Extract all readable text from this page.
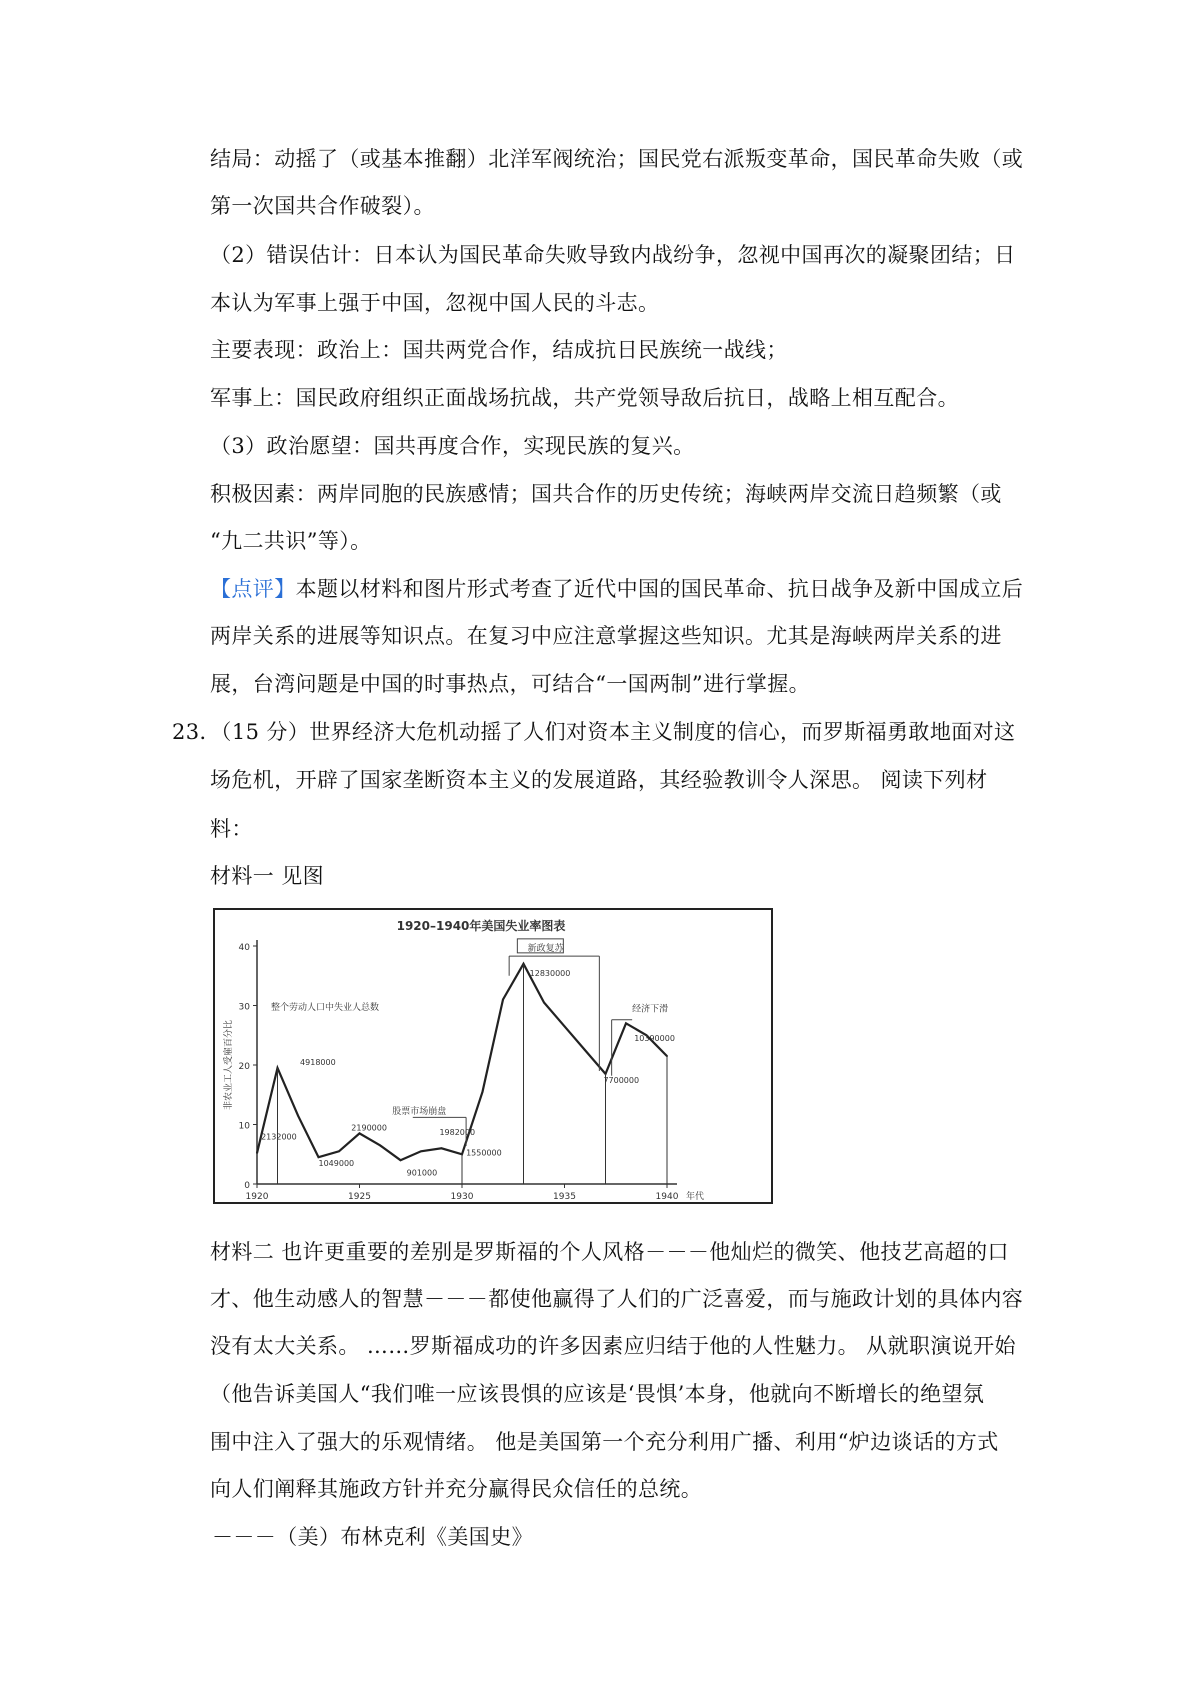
结局：动摇了（或基本推翻）北洋军阀统治；国民党右派叛变革命，国民革命失败（或
第一次国共合作破裂）。
（2）错误估计：日本认为国民革命失败导致内战纷争，忽视中国再次的凝聚团结；日
本认为军事上强于中国，忽视中国人民的斗志。
主要表现：政治上：国共两党合作，结成抗日民族统一战线；
军事上：国民政府组织正面战场抗战，共产党领导敌后抗日，战略上相互配合。
（3）政治愿望：国共再度合作，实现民族的复兴。
积极因素：两岸同胞的民族感情；国共合作的历史传统；海峡两岸交流日趋频繁（或
“九二共识”等）。
【点评】本题以材料和图片形式考查了近代中国的国民革命、抗日战争及新中国成立后
两岸关系的进展等知识点。在复习中应注意掌握这些知识。尤其是海峡两岸关系的进
展，台湾问题是中国的时事热点，可结合“一国两制”进行掌握。
23．（15 分）世界经济大危机动摇了人们对资本主义制度的信心，而罗斯福勇敢地面对这
场危机，开辟了国家垄断资本主义的发展道路，其经验教训令人深思。 阅读下列材
料：
材料一 见图
1920–1940年美国失业率图表
0
10
20
30
40
1920	1925	1930	1935	1940 年代
非农业工人受雇百分比
整个劳动人口中失业人总数
2132000
4918000
1049000
2190000
901000
1982000
1550000
12830000
7700000
10390000
股票市场崩盘
新政复苏
经济下滑
材料二 也许更重要的差别是罗斯福的个人风格－－－他灿烂的微笑、他技艺高超的口
才、他生动感人的智慧－－－都使他赢得了人们的广泛喜爱，而与施政计划的具体内容
没有太大关系。 ……罗斯福成功的许多因素应归结于他的人性魅力。 从就职演说开始
（他告诉美国人“我们唯一应该畏惧的应该是‘畏惧’本身，他就向不断增长的绝望氛
围中注入了强大的乐观情绪。 他是美国第一个充分利用广播、利用“炉边谈话的方式
向人们阐释其施政方针并充分赢得民众信任的总统。
－－－（美）布林克利《美国史》
